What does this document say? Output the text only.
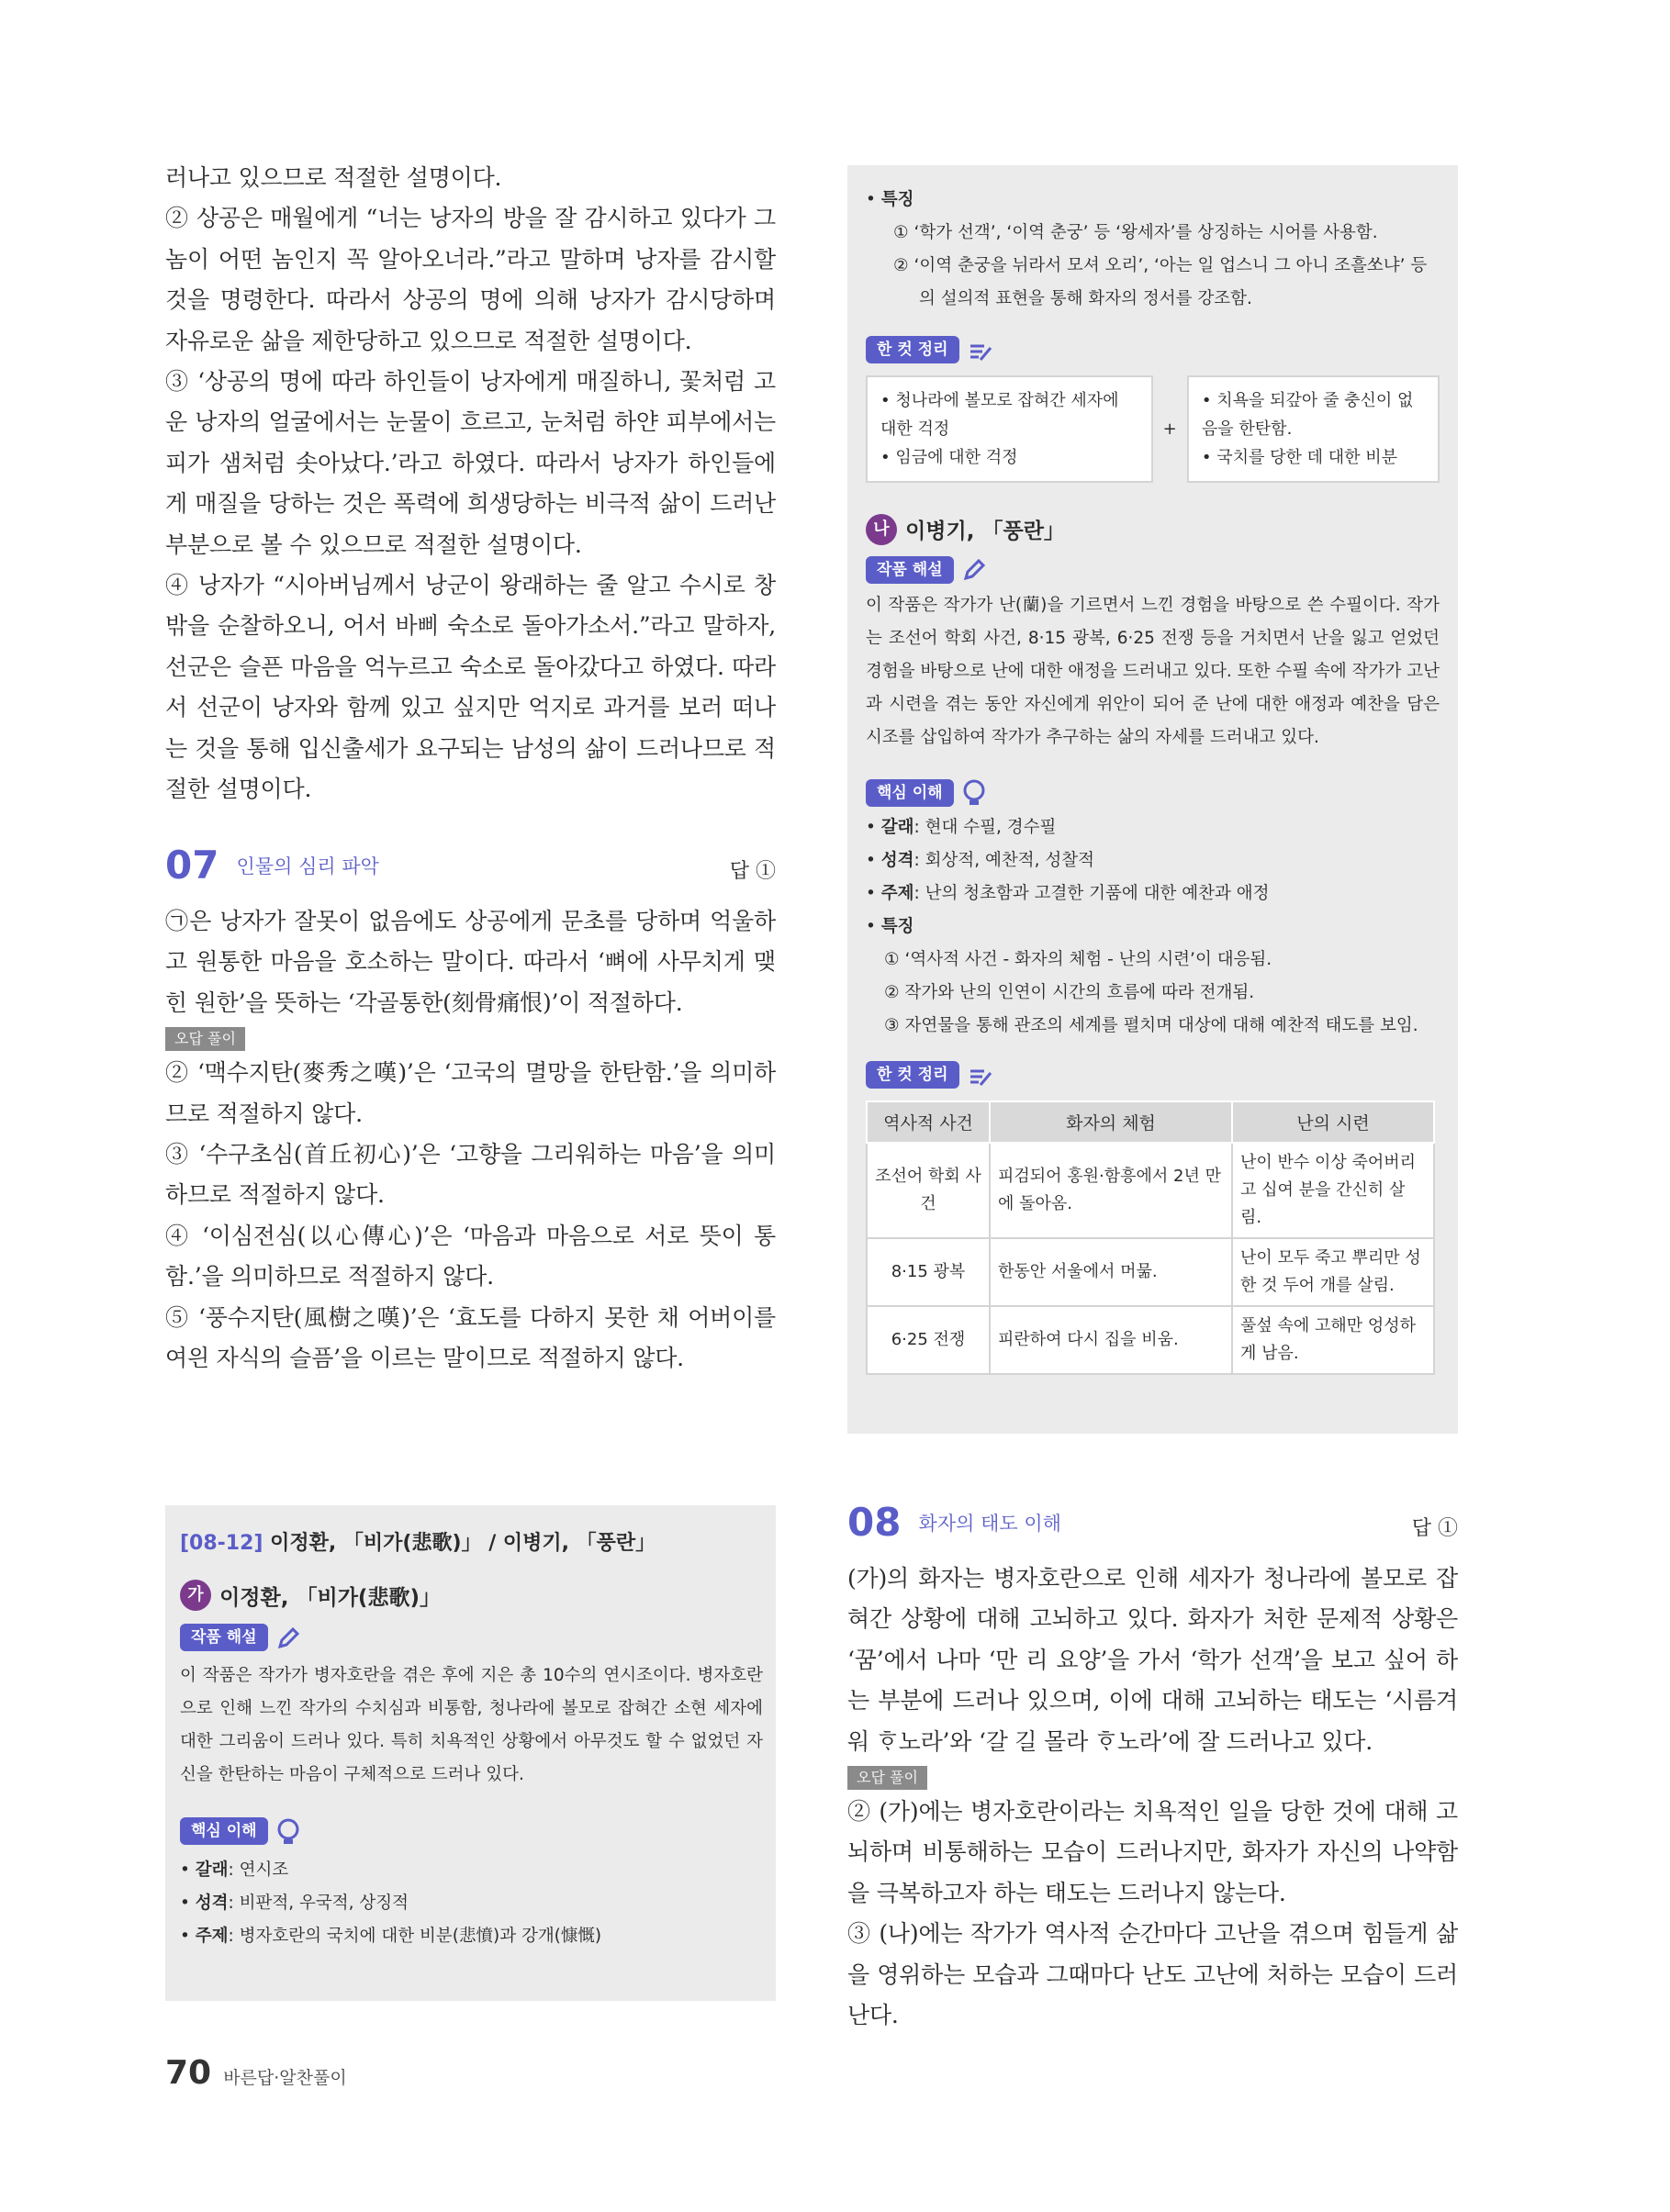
러나고 있으므로 적절한 설명이다.

② 상공은 매월에게 “너는 낭자의 방을 잘 감시하고 있다가 그놈이 어떤 놈인지 꼭 알아오너라.”라고 말하며 낭자를 감시할 것을 명령한다. 따라서 상공의 명에 의해 낭자가 감시당하며 자유로운 삶을 제한당하고 있으므로 적절한 설명이다.

③ ‘상공의 명에 따라 하인들이 낭자에게 매질하니, 꽃처럼 고운 낭자의 얼굴에서는 눈물이 흐르고, 눈처럼 하얀 피부에서는 피가 샘처럼 솟아났다.’라고 하였다. 따라서 낭자가 하인들에게 매질을 당하는 것은 폭력에 희생당하는 비극적 삶이 드러난 부분으로 볼 수 있으므로 적절한 설명이다.

④ 낭자가 “시아버님께서 낭군이 왕래하는 줄 알고 수시로 창밖을 순찰하오니, 어서 바삐 숙소로 돌아가소서.”라고 말하자, 선군은 슬픈 마음을 억누르고 숙소로 돌아갔다고 하였다. 따라서 선군이 낭자와 함께 있고 싶지만 억지로 과거를 보러 떠나는 것을 통해 입신출세가 요구되는 남성의 삶이 드러나므로 적절한 설명이다.

07 인물의 심리 파악	답 ①

㉠은 낭자가 잘못이 없음에도 상공에게 문초를 당하며 억울하고 원통한 마음을 호소하는 말이다. 따라서 ‘뼈에 사무치게 맺힌 원한’을 뜻하는 ‘각골통한(刻骨痛恨)’이 적절하다.

오답 풀이

② ‘맥수지탄(麥秀之嘆)’은 ‘고국의 멸망을 한탄함.’을 의미하므로 적절하지 않다.

③ ‘수구초심(首丘初心)’은 ‘고향을 그리워하는 마음’을 의미하므로 적절하지 않다.

④ ‘이심전심(以心傳心)’은 ‘마음과 마음으로 서로 뜻이 통함.’을 의미하므로 적절하지 않다.

⑤ ‘풍수지탄(風樹之嘆)’은 ‘효도를 다하지 못한 채 어버이를 여읜 자식의 슬픔’을 이르는 말이므로 적절하지 않다.

[08-12] 이정환, 「비가(悲歌)」 / 이병기, 「풍란」
가 이정환, 「비가(悲歌)」
작품 해설

이 작품은 작가가 병자호란을 겪은 후에 지은 총 10수의 연시조이다. 병자호란으로 인해 느낀 작가의 수치심과 비통함, 청나라에 볼모로 잡혀간 소현 세자에 대한 그리움이 드러나 있다. 특히 치욕적인 상황에서 아무것도 할 수 없었던 자신을 한탄하는 마음이 구체적으로 드러나 있다.

핵심 이해

• 갈래: 연시조

• 성격: 비판적, 우국적, 상징적

• 주제: 병자호란의 국치에 대한 비분(悲憤)과 강개(慷慨)

• 특징

① ‘학가 선객’, ‘이역 춘궁’ 등 ‘왕세자’를 상징하는 시어를 사용함.

② ‘이역 춘궁을 뉘라서 모셔 오리’, ‘아는 일 업스니 그 아니 조흘쏘냐’ 등의 설의적 표현을 통해 화자의 정서를 강조함.

한 컷 정리
• 청나라에 볼모로 잡혀간 세자에 대한 걱정
• 임금에 대한 걱정
+
• 치욕을 되갚아 줄 충신이 없음을 한탄함.
• 국치를 당한 데 대한 비분
나 이병기, 「풍란」
작품 해설

이 작품은 작가가 난(蘭)을 기르면서 느낀 경험을 바탕으로 쓴 수필이다. 작가는 조선어 학회 사건, 8·15 광복, 6·25 전쟁 등을 거치면서 난을 잃고 얻었던 경험을 바탕으로 난에 대한 애정을 드러내고 있다. 또한 수필 속에 작가가 고난과 시련을 겪는 동안 자신에게 위안이 되어 준 난에 대한 애정과 예찬을 담은 시조를 삽입하여 작가가 추구하는 삶의 자세를 드러내고 있다.

핵심 이해

• 갈래: 현대 수필, 경수필

• 성격: 회상적, 예찬적, 성찰적

• 주제: 난의 청초함과 고결한 기품에 대한 예찬과 애정

• 특징

① ‘역사적 사건 - 화자의 체험 - 난의 시련’이 대응됨.

② 작가와 난의 인연이 시간의 흐름에 따라 전개됨.

③ 자연물을 통해 관조의 세계를 펼치며 대상에 대해 예찬적 태도를 보임.

한 컷 정리
역사적 사건	화자의 체험	난의 시련
조선어 학회 사건	피검되어 홍원·함흥에서 2년 만에 돌아옴.	난이 반수 이상 죽어버리고 십여 분을 간신히 살림.
8·15 광복	한동안 서울에서 머묾.	난이 모두 죽고 뿌리만 성한 것 두어 개를 살림.
6·25 전쟁	피란하여 다시 집을 비움.	풀섶 속에 고해만 엉성하게 남음.
08 화자의 태도 이해	답 ①

(가)의 화자는 병자호란으로 인해 세자가 청나라에 볼모로 잡혀간 상황에 대해 고뇌하고 있다. 화자가 처한 문제적 상황은 ‘꿈’에서 나마 ‘만 리 요양’을 가서 ‘학가 선객’을 보고 싶어 하는 부분에 드러나 있으며, 이에 대해 고뇌하는 태도는 ‘시름겨워 ᄒᆞ노라’와 ‘갈 길 몰라 ᄒᆞ노라’에 잘 드러나고 있다.

오답 풀이

② (가)에는 병자호란이라는 치욕적인 일을 당한 것에 대해 고뇌하며 비통해하는 모습이 드러나지만, 화자가 자신의 나약함을 극복하고자 하는 태도는 드러나지 않는다.

③ (나)에는 작가가 역사적 순간마다 고난을 겪으며 힘들게 삶을 영위하는 모습과 그때마다 난도 고난에 처하는 모습이 드러난다.

70 바른답·알찬풀이
